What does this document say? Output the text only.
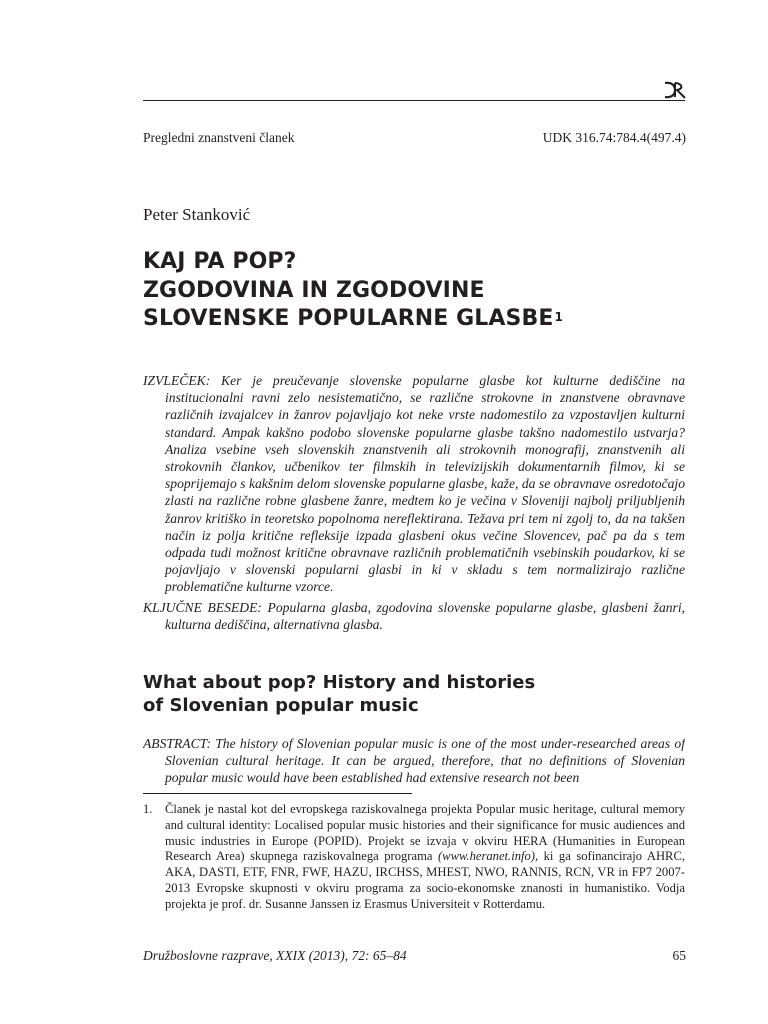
Pregledni znanstveni članek	UDK 316.74:784.4(497.4)
Peter Stanković
KAJ PA POP?
ZGODOVINA IN ZGODOVINE
SLOVENSKE POPULARNE GLASBE$^1$

IZVLEČEK: Ker je preučevanje slovenske popularne glasbe kot kulturne dediščine na institucionalni ravni zelo nesistematično, se različne strokovne in znanstvene obravnave različnih izvajalcev in žanrov pojavljajo kot neke vrste nadomestilo za vzpostavljen kulturni standard. Ampak kakšno podobo slovenske popularne glasbe takšno nadomestilo ustvarja? Analiza vsebine vseh slovenskih znanstvenih ali strokovnih monografij, znanstvenih ali strokovnih člankov, učbenikov ter filmskih in televizijskih dokumentarnih filmov, ki se spoprijemajo s kakšnim delom slovenske popularne glasbe, kaže, da se obravnave osredotočajo zlasti na različne robne glasbene žanre, medtem ko je večina v Sloveniji najbolj priljubljenih žanrov kritiško in teoretsko popolnoma nereflektirana. Težava pri tem ni zgolj to, da na takšen način iz polja kritične refleksije izpada glasbeni okus večine Slovencev, pač pa da s tem odpada tudi možnost kritične obravnave različnih problematičnih vsebinskih poudarkov, ki se pojavljajo v slovenski popularni glasbi in ki v skladu s tem normalizirajo različne problematične kulturne vzorce.

KLJUČNE BESEDE: Popularna glasba, zgodovina slovenske popularne glasbe, glasbeni žanri, kulturna dediščina, alternativna glasba.

What about pop? History and histories
of Slovenian popular music

ABSTRACT: The history of Slovenian popular music is one of the most under-researched areas of Slovenian cultural heritage. It can be argued, therefore, that no definitions of Slovenian popular music would have been established had extensive research not been

1. Članek je nastal kot del evropskega raziskovalnega projekta Popular music heritage, cultural memory and cultural identity: Localised popular music histories and their significance for music audiences and music industries in Europe (POPID). Projekt se izvaja v okviru HERA (Humanities in European Research Area) skupnega raziskovalnega programa (www.heranet.info), ki ga sofinancirajo AHRC, AKA, DASTI, ETF, FNR, FWF, HAZU, IRCHSS, MHEST, NWO, RANNIS, RCN, VR in FP7 2007-2013 Evropske skupnosti v okviru programa za socio-ekonomske znanosti in humanistiko. Vodja projekta je prof. dr. Susanne Janssen iz Erasmus Universiteit v Rotterdamu.

Družboslovne razprave, XXIX (2013), 72: 65–84	65
